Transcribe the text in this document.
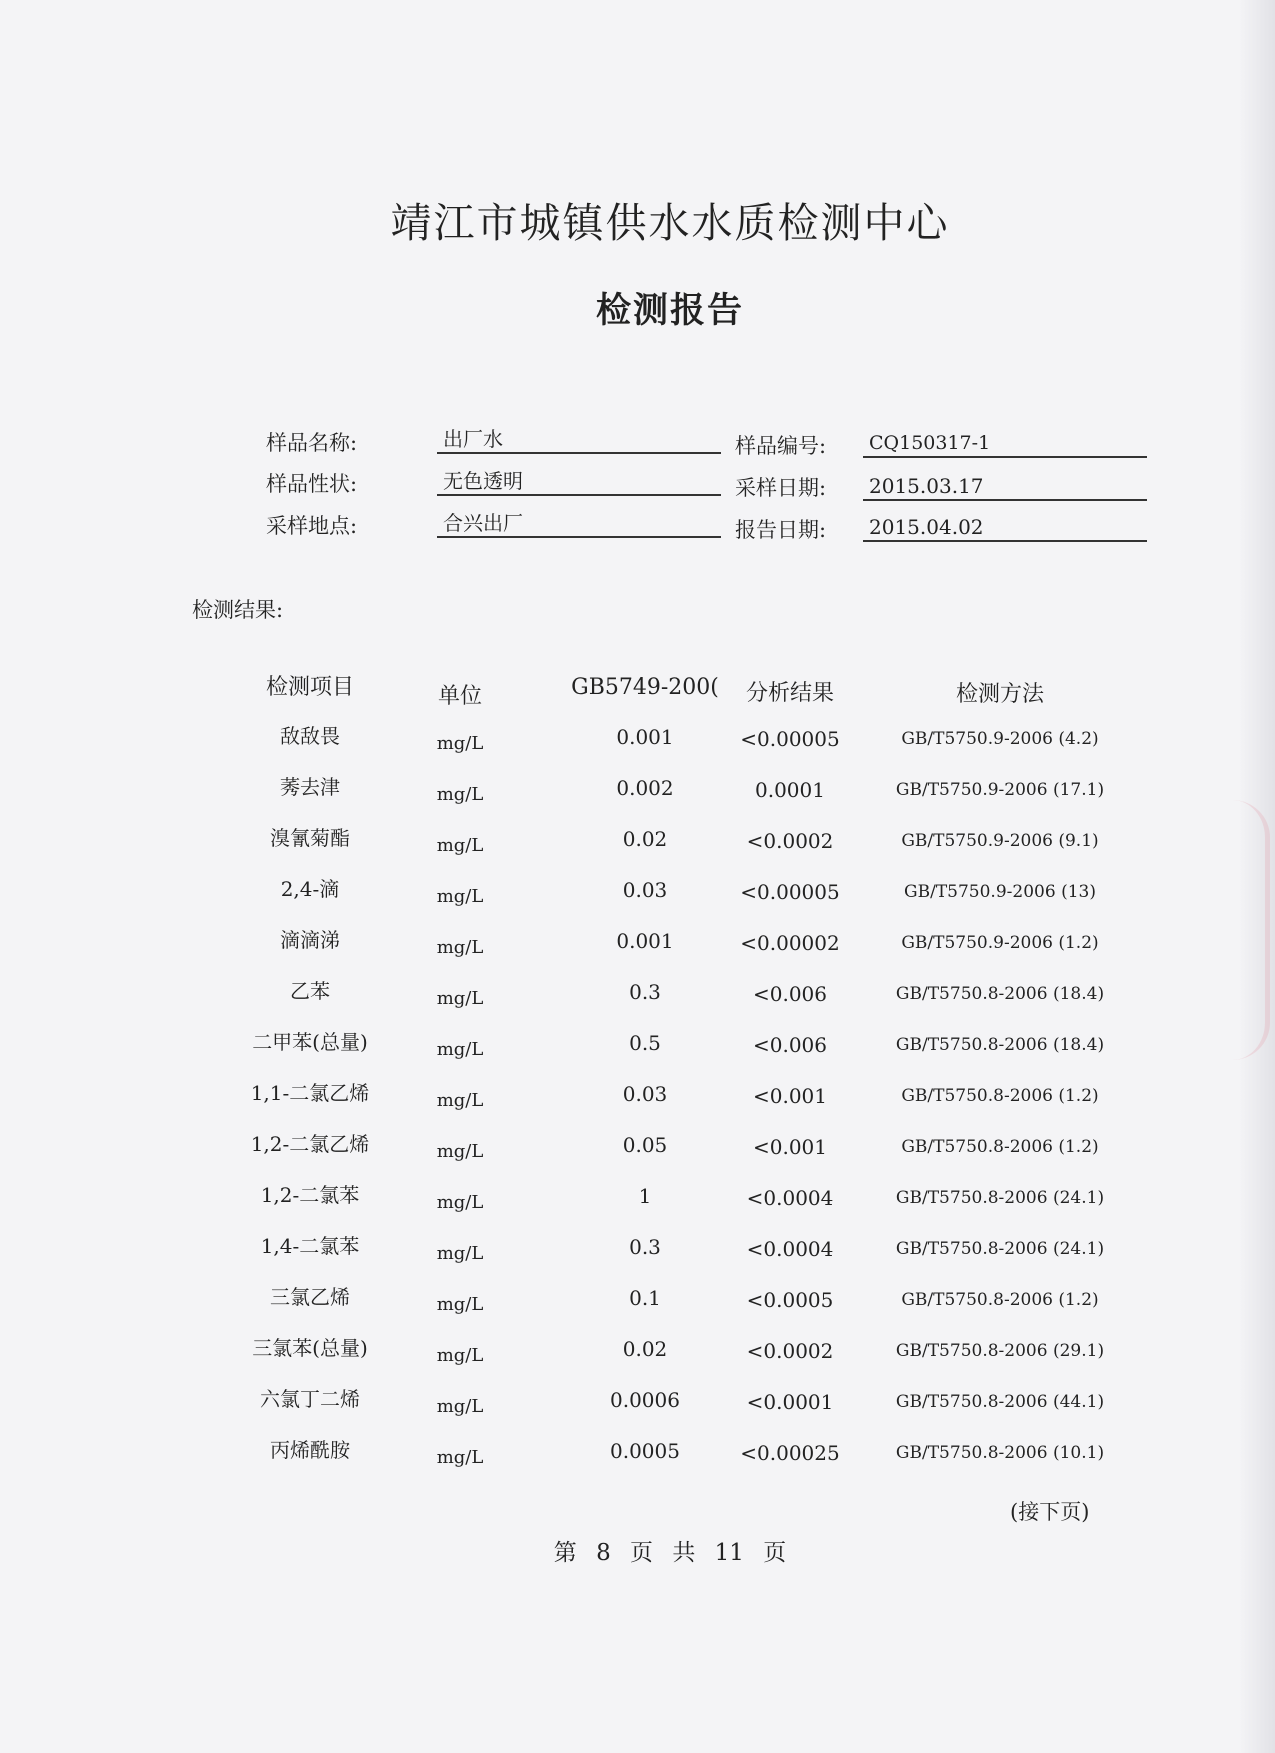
靖江市城镇供水水质检测中心
检测报告
样品名称:	出厂水	样品编号:	CQ150317-1
样品性状:	无色透明	采样日期:	2015.03.17
采样地点:	合兴出厂	报告日期:	2015.04.02
检测结果:
检测项目	单位	GB5749-200(	分析结果	检测方法
敌敌畏	mg/L	0.001	<0.00005	GB/T5750.9-2006 (4.2)
莠去津	mg/L	0.002	0.0001	GB/T5750.9-2006 (17.1)
溴氰菊酯	mg/L	0.02	<0.0002	GB/T5750.9-2006 (9.1)
2,4-滴	mg/L	0.03	<0.00005	GB/T5750.9-2006 (13)
滴滴涕	mg/L	0.001	<0.00002	GB/T5750.9-2006 (1.2)
乙苯	mg/L	0.3	<0.006	GB/T5750.8-2006 (18.4)
二甲苯(总量)	mg/L	0.5	<0.006	GB/T5750.8-2006 (18.4)
1,1-二氯乙烯	mg/L	0.03	<0.001	GB/T5750.8-2006 (1.2)
1,2-二氯乙烯	mg/L	0.05	<0.001	GB/T5750.8-2006 (1.2)
1,2-二氯苯	mg/L	1	<0.0004	GB/T5750.8-2006 (24.1)
1,4-二氯苯	mg/L	0.3	<0.0004	GB/T5750.8-2006 (24.1)
三氯乙烯	mg/L	0.1	<0.0005	GB/T5750.8-2006 (1.2)
三氯苯(总量)	mg/L	0.02	<0.0002	GB/T5750.8-2006 (29.1)
六氯丁二烯	mg/L	0.0006	<0.0001	GB/T5750.8-2006 (44.1)
丙烯酰胺	mg/L	0.0005	<0.00025	GB/T5750.8-2006 (10.1)
(接下页)
第 8 页 共 11 页
